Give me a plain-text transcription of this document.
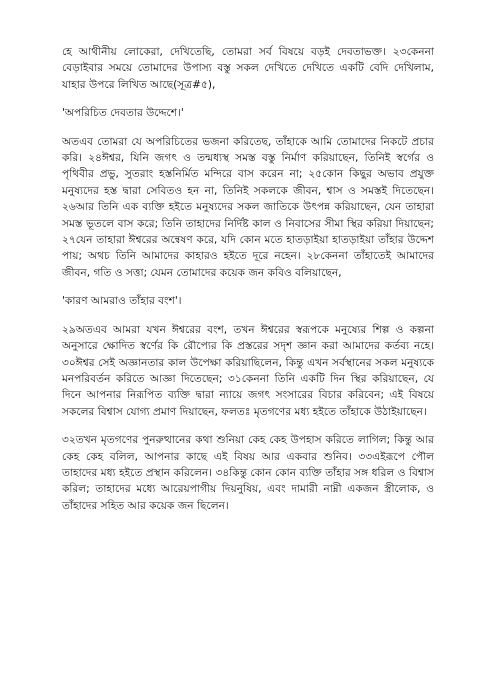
হে আথীনীয় লোকেরা, দেখিতেছি, তোমরা সর্ব বিষয়ে বড়ই দেবতাভক্ত। ২৩কেননা বেড়াইবার সময়ে তোমাদের উপাস্য বস্তু সকল দেখিতে দেখিতে একটি বেদি দেখিলাম, যাহার উপরে লিখিত আছে(সূত্র#৫),

'অপরিচিত দেবতার উদ্দেশে।'

অতএব তোমরা যে অপরিচিতের ভজনা করিতেছ, তাঁহাকে আমি তোমাদের নিকটে প্রচার করি। ২৪ঈশ্বর, যিনি জগৎ ও তন্মধ্যস্থ সমস্ত বস্তু নির্মাণ করিয়াছেন, তিনিই স্বর্গের ও পৃথিবীর প্রভু, সুতরাং হস্তনির্মিত মন্দিরে বাস করেন না; ২৫কোন কিছুর অভাব প্রযুক্ত মনুষ্যদের হস্ত দ্বারা সেবিতও হন না, তিনিই সকলকে জীবন, শ্বাস ও সমস্তই দিতেছেন। ২৬আর তিনি এক ব্যক্তি হইতে মনুষ্যদের সকল জাতিকে উৎপন্ন করিয়াছেন, যেন তাহারা সমস্ত ভূতলে বাস করে; তিনি তাহাদের নির্দিষ্ট কাল ও নিবাসের সীমা স্থির করিয়া দিয়াছেন; ২৭যেন তাহারা ঈশ্বরের অন্বেষণ করে, যদি কোন মতে হাতড়াইয়া হাতড়াইয়া তাঁহার উদ্দেশ পায়; অথচ তিনি আমাদের কাহারও হইতে দূরে নহেন। ২৮কেননা তাঁহাতেই আমাদের জীবন, গতি ও সত্তা; যেমন তোমাদের কয়েক জন কবিও বলিয়াছেন,

'কারণ আমরাও তাঁহার বংশ'।

২৯অতএব আমরা যখন ঈশ্বরের বংশ, তখন ঈশ্বরের স্বরূপকে মনুষ্যের শিল্প ও কল্পনা অনুসারে ক্ষোদিত স্বর্ণের কি রৌপ্যের কি প্রস্তরের সদৃশ জ্ঞান করা আমাদের কর্তব্য নহে। ৩০ঈশ্বর সেই অজ্ঞানতার কাল উপেক্ষা করিয়াছিলেন, কিন্তু এখন সর্বস্থানের সকল মনুষ্যকে মনপরিবর্তন করিতে আজ্ঞা দিতেছেন; ৩১কেননা তিনি একটি দিন স্থির করিয়াছেন, যে দিনে আপনার নিরূপিত ব্যক্তি দ্বারা ন্যায়ে জগৎ সংসারের বিচার করিবেন; এই বিষয়ে সকলের বিশ্বাস যোগ্য প্রমাণ দিয়াছেন, ফলতঃ মৃতগণের মধ্য হইতে তাঁহাকে উঠাইয়াছেন।

৩২তখন মৃতগণের পুনরুত্থানের কথা শুনিয়া কেহ কেহ উপহাস করিতে লাগিল; কিন্তু আর কেহ কেহ বলিল, আপনার কাছে এই বিষয় আর একবার শুনিব। ৩৩এইরূপে পৌল তাহাদের মধ্য হইতে প্রস্থান করিলেন। ৩৪কিন্তু কোন কোন ব্যক্তি তাঁহার সঙ্গ ধরিল ও বিশ্বাস করিল; তাহাদের মধ্যে আরেয়পাগীয় দিয়নুষিয়, এবং দামারী নাম্নী একজন স্ত্রীলোক, ও তাঁহাদের সহিত আর কয়েক জন ছিলেন।
